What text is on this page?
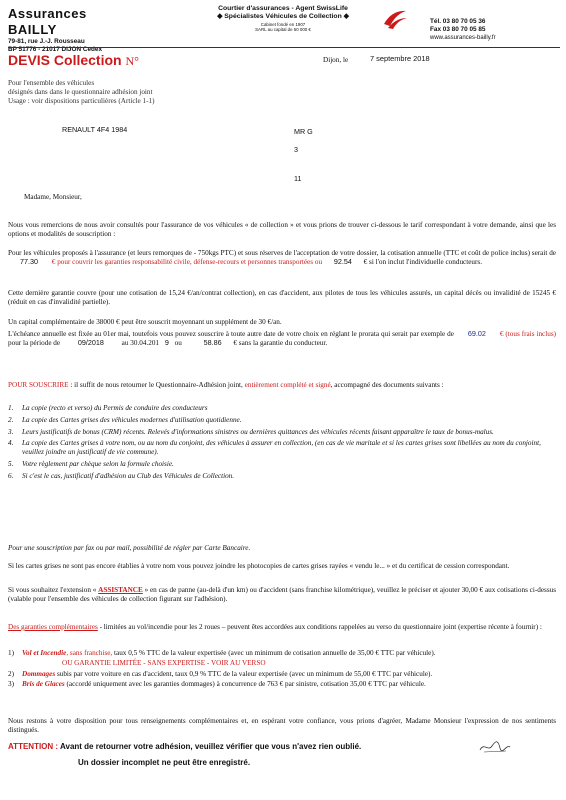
Assurances BAILLY
79-81, rue J.-J. Rousseau
BP 51776 - 21017 DIJON Cedex
Courtier d'assurances - Agent SwissLife
◆ Spécialistes Véhicules de Collection ◆
Cabinet fondé en 1907
SARL au capital de 50 000 €
Tél. 03 80 70 05 36
Fax 03 80 70 05 85
www.assurances-bailly.fr
DEVIS Collection N°	Dijon, le	7 septembre 2018
Pour l'ensemble des véhicules
désignés dans dans le questionnaire adhésion joint
Usage : voir dispositions particulières (Article 1-1)
RENAULT 4F4 1984	MR G
3
11
Madame, Monsieur,
Nous vous remercions de nous avoir consultés pour l'assurance de vos véhicules « de collection » et vous prions de trouver ci-dessous le tarif correspondant à votre demande, ainsi que les options et modalités de souscription :
Pour les véhicules proposés à l'assurance (et leurs remorques de - 750kgs PTC) et sous réserves de l'acceptation de votre dossier, la cotisation annuelle (TTC et coût de police inclus) serait de 77.30 € pour couvrir les garanties responsabilité civile, défense-recours et personnes transportées ou 92.54 € si l'on inclut l'individuelle conducteurs.
Cette dernière garantie couvre (pour une cotisation de 15,24 €/an/contrat collection), en cas d'accident, aux pilotes de tous les véhicules assurés, un capital décès ou invalidité de 15245 € (réduit en cas d'invalidité partielle).
Un capital complémentaire de 38000 € peut être souscrit moyennant un supplément de 30 €/an.
L'échéance annuelle est fixée au 01er mai, toutefois vous pouvez souscrire à toute autre date de votre choix en réglant le prorata qui serait par exemple de 69.02 € (tous frais inclus) pour la période de 09/2018 au 30.04.201 9 ou	58.86 € sans la garantie du conducteur.
POUR SOUSCRIRE : il suffit de nous retourner le Questionnaire-Adhésion joint, entièrement complété et signé, accompagné des documents suivants :
1.	La copie (recto et verso) du Permis de conduire des conducteurs
2.	La copie des Cartes grises des véhicules modernes d'utilisation quotidienne.
3.	Leurs justificatifs de bonus (CRM) récents. Relevés d'informations sinistres ou dernières quittances des véhicules récents faisant apparaître le taux de bonus-malus.
4.	La copie des Cartes grises à votre nom, ou au nom du conjoint, des véhicules à assurer en collection, (en cas de vie maritale et si les cartes grises sont libellées au nom du conjoint, veuillez joindre un justificatif de vie commune).
5.	Votre règlement par chèque selon la formule choisie.
6.	Si c'est le cas, justificatif d'adhésion au Club des Véhicules de Collection.
Pour une souscription par fax ou par mail, possibilité de régler par Carte Bancaire.
Si les cartes grises ne sont pas encore établies à votre nom vous pouvez joindre les photocopies de cartes grises rayées « vendu le... » et du certificat de cession correspondant.
Si vous souhaitez l'extension « ASSISTANCE » en cas de panne (au-delà d'un km) ou d'accident (sans franchise kilométrique), veuillez le préciser et ajouter 30,00 € aux cotisations ci-dessus (valable pour l'ensemble des véhicules de collection figurant sur l'adhésion).
Des garanties complémentaires - limitées au vol/incendie pour les 2 roues – peuvent êtes accordées aux conditions rappelées au verso du questionnaire joint (expertise récente à fournir) :
1)	Vol et Incendie, sans franchise, taux 0,5 % TTC de la valeur expertisée (avec un minimum de cotisation annuelle de 35,00 € TTC par véhicule).
OU GARANTIE LIMITÉE - SANS EXPERTISE - VOIR AU VERSO
2)	Dommages subis par votre voiture en cas d'accident, taux 0,9 % TTC de la valeur expertisée (avec un minimum de 55,00 € TTC par véhicule).
3)	Bris de Glaces (accordé uniquement avec les garanties dommages) à concurrence de 763 € par sinistre, cotisation 35,00 € TTC par véhicule.
Nous restons à votre disposition pour tous renseignements complémentaires et, en espérant votre confiance, vous prions d'agréer, Madame Monsieur l'expression de nos sentiments distingués.
ATTENTION : Avant de retourner votre adhésion, veuillez vérifier que vous n'avez rien oublié.
Un dossier incomplet ne peut être enregistré.
